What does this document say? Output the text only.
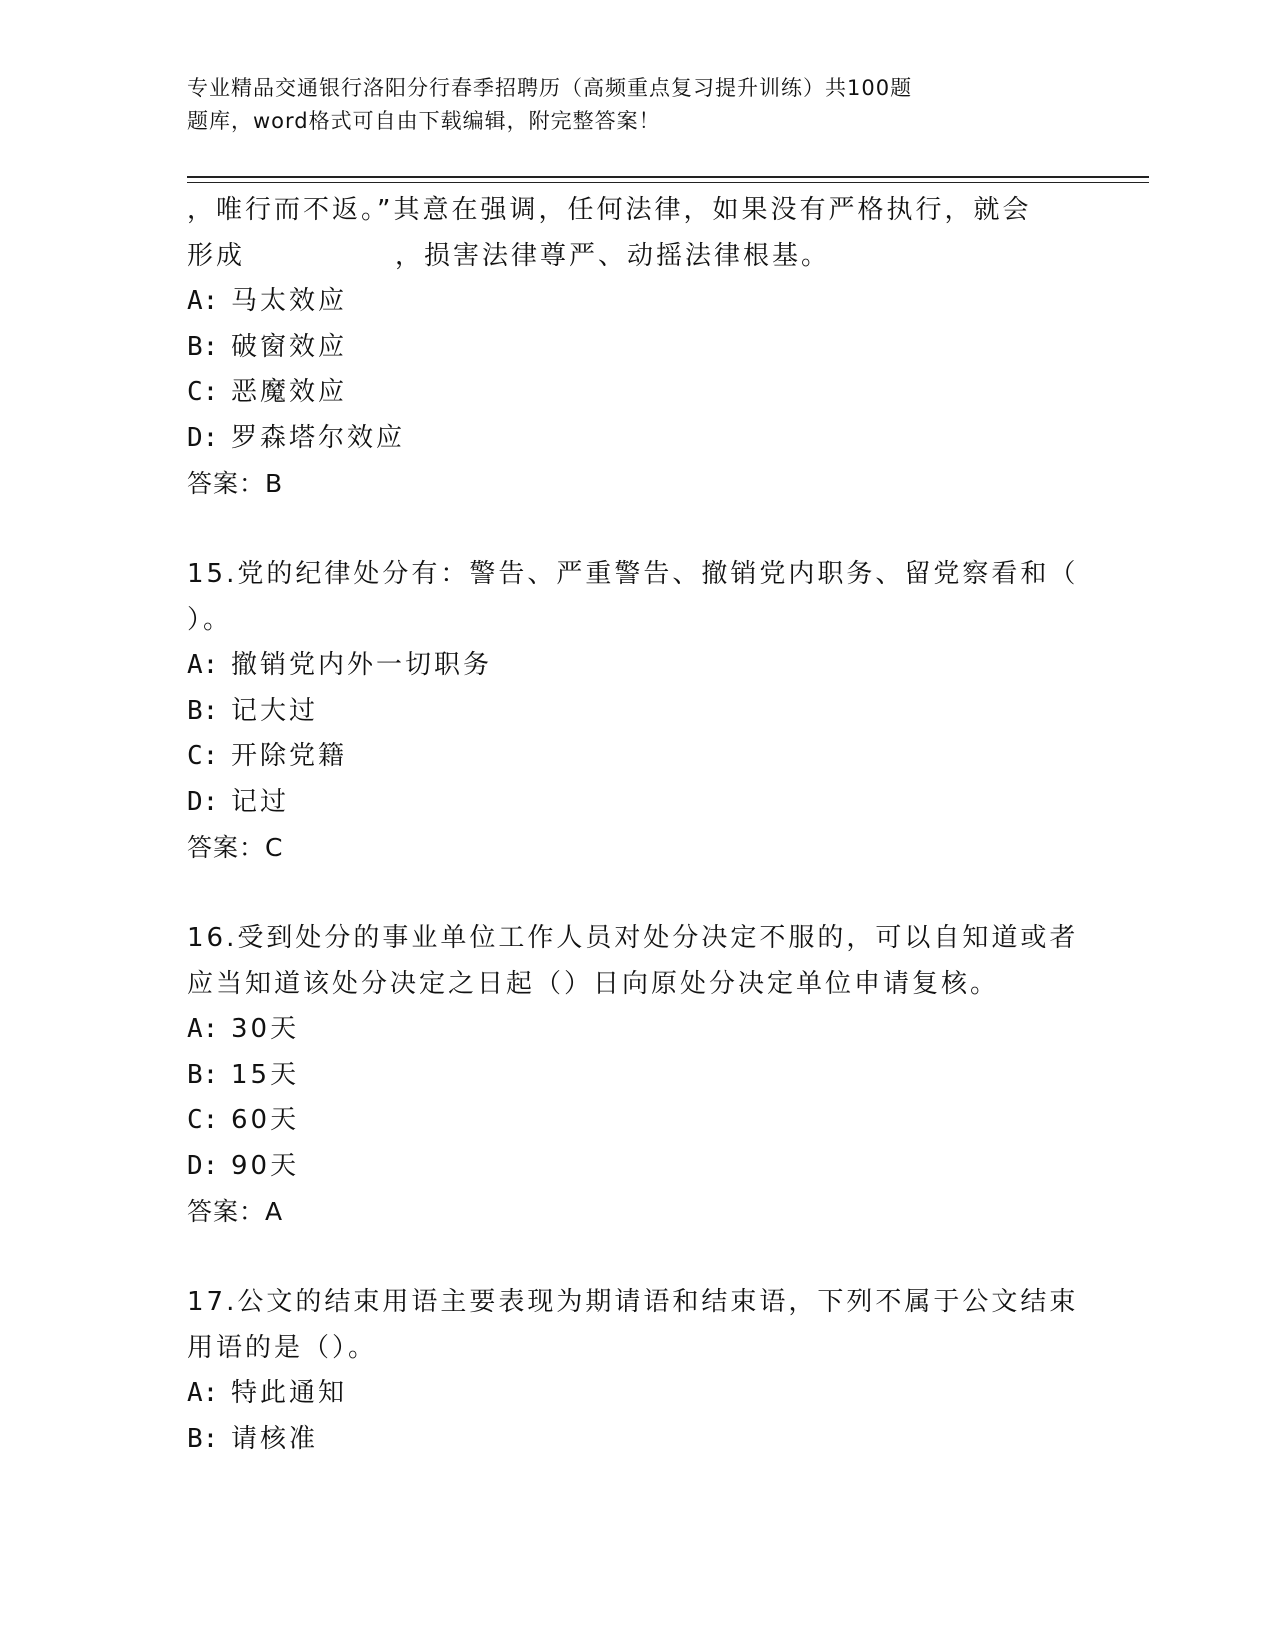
专业精品交通银行洛阳分行春季招聘历（高频重点复习提升训练）共100题
题库，word格式可自由下载编辑，附完整答案！
，唯行而不返。”其意在强调，任何法律，如果没有严格执行，就会
形成	，损害法律尊严、动摇法律根基。
A: 马太效应
B: 破窗效应
C: 恶魔效应
D: 罗森塔尔效应
答案：B
15.党的纪律处分有：警告、严重警告、撤销党内职务、留党察看和（
）。
A: 撤销党内外一切职务
B: 记大过
C: 开除党籍
D: 记过
答案：C
16.受到处分的事业单位工作人员对处分决定不服的，可以自知道或者
应当知道该处分决定之日起（）日向原处分决定单位申请复核。
A: 30天
B: 15天
C: 60天
D: 90天
答案：A
17.公文的结束用语主要表现为期请语和结束语，下列不属于公文结束
用语的是（）。
A: 特此通知
B: 请核准
